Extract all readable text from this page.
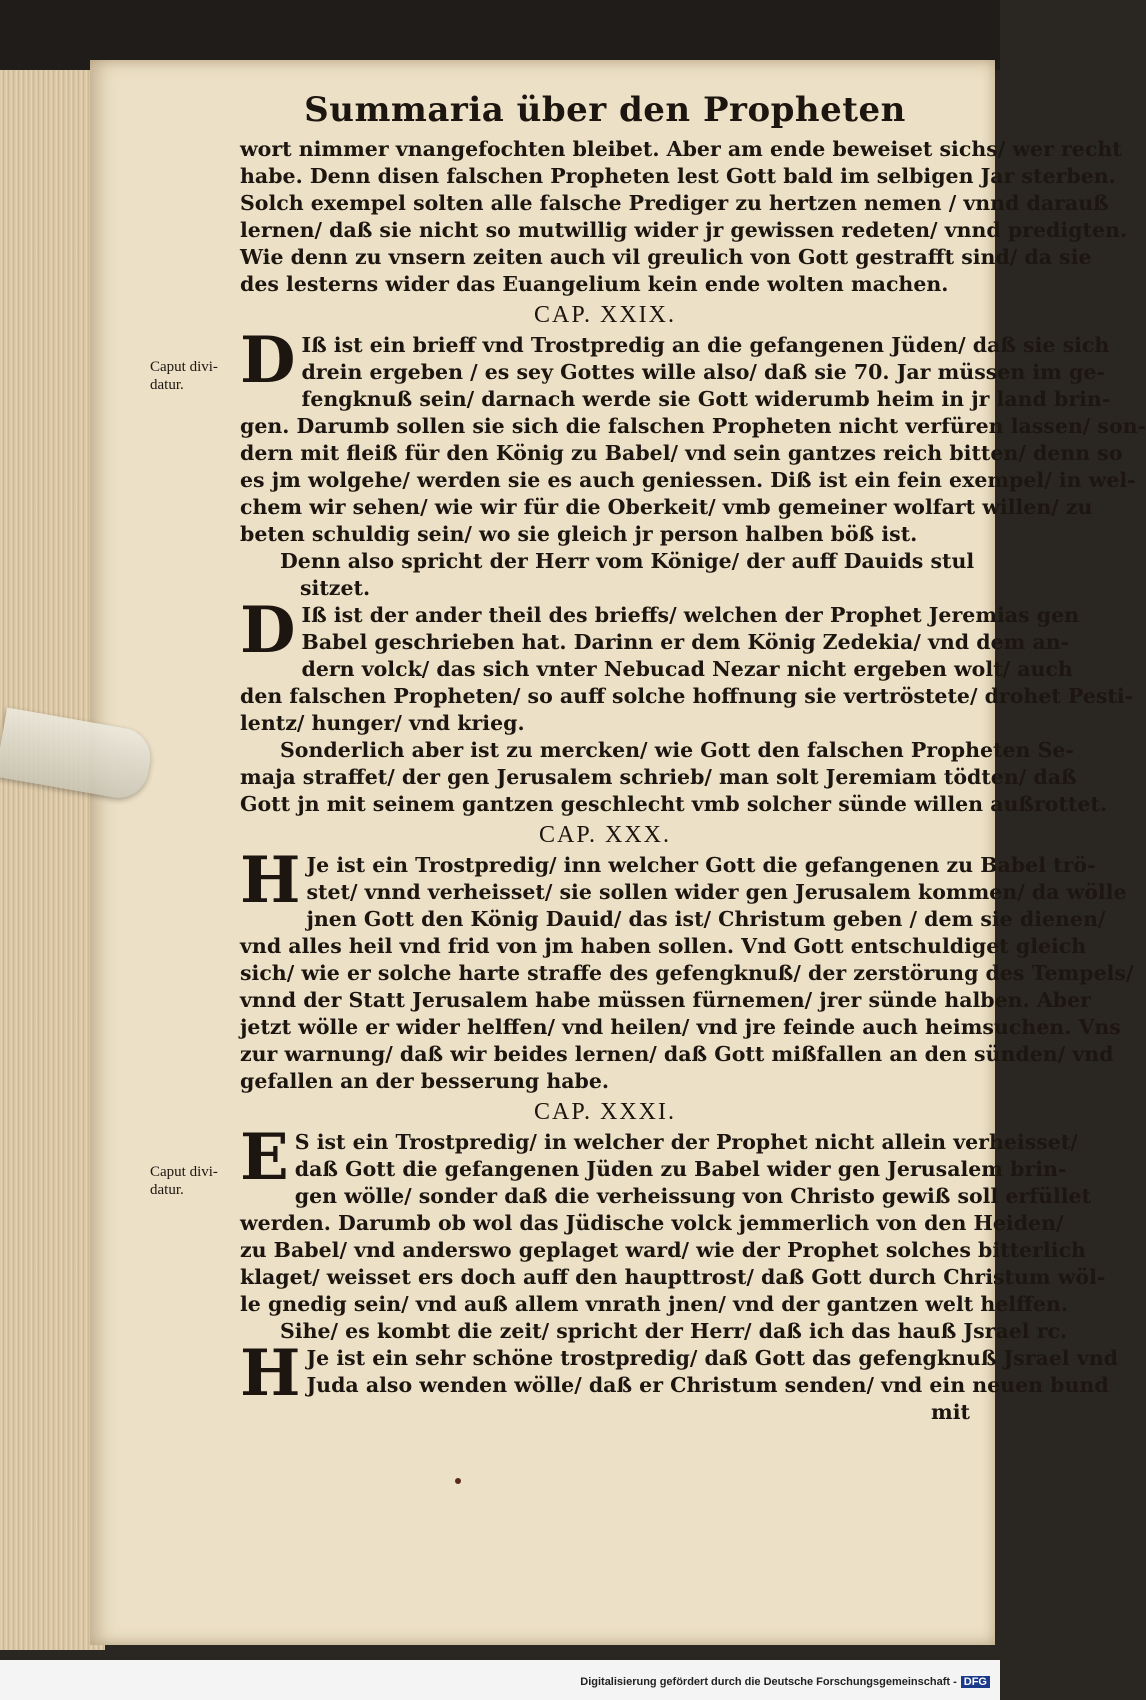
Summaria über den Propheten
wort nimmer vnangefochten bleibet. Aber am ende beweiset sichs/ wer recht
habe. Denn disen falschen Propheten lest Gott bald im selbigen Jar sterben.
Solch exempel solten alle falsche Prediger zu hertzen nemen / vnnd darauß
lernen/ daß sie nicht so mutwillig wider jr gewissen redeten/ vnnd predigten.
Wie denn zu vnsern zeiten auch vil greulich von Gott gestrafft sind/ da sie
des lesterns wider das Euangelium kein ende wolten machen.
CAP. XXIX.
D Iß ist ein brieff vnd Trostpredig an die gefangenen Jüden/ daß sie sich
drein ergeben / es sey Gottes wille also/ daß sie 70. Jar müssen im ge-
fengknuß sein/ darnach werde sie Gott widerumb heim in jr land brin-
gen. Darumb sollen sie sich die falschen Propheten nicht verfüren lassen/ son-
dern mit fleiß für den König zu Babel/ vnd sein gantzes reich bitten/ denn so
es jm wolgehe/ werden sie es auch geniessen. Diß ist ein fein exempel/ in wel-
chem wir sehen/ wie wir für die Oberkeit/ vmb gemeiner wolfart willen/ zu
beten schuldig sein/ wo sie gleich jr person halben böß ist.
Denn also spricht der Herr vom Könige/ der auff Dauids stul
sitzet.
D Iß ist der ander theil des brieffs/ welchen der Prophet Jeremias gen
Babel geschrieben hat. Darinn er dem König Zedekia/ vnd dem an-
dern volck/ das sich vnter Nebucad Nezar nicht ergeben wolt/ auch
den falschen Propheten/ so auff solche hoffnung sie vertröstete/ drohet Pesti-
lentz/ hunger/ vnd krieg.
Sonderlich aber ist zu mercken/ wie Gott den falschen Propheten Se-
maja straffet/ der gen Jerusalem schrieb/ man solt Jeremiam tödten/ daß
Gott jn mit seinem gantzen geschlecht vmb solcher sünde willen außrottet.
CAP. XXX.
H Je ist ein Trostpredig/ inn welcher Gott die gefangenen zu Babel trö-
stet/ vnnd verheisset/ sie sollen wider gen Jerusalem kommen/ da wölle
jnen Gott den König Dauid/ das ist/ Christum geben / dem sie dienen/
vnd alles heil vnd frid von jm haben sollen. Vnd Gott entschuldiget gleich
sich/ wie er solche harte straffe des gefengknuß/ der zerstörung des Tempels/
vnnd der Statt Jerusalem habe müssen fürnemen/ jrer sünde halben. Aber
jetzt wölle er wider helffen/ vnd heilen/ vnd jre feinde auch heimsuchen. Vns
zur warnung/ daß wir beides lernen/ daß Gott mißfallen an den sünden/ vnd
gefallen an der besserung habe.
CAP. XXXI.
E S ist ein Trostpredig/ in welcher der Prophet nicht allein verheisset/
daß Gott die gefangenen Jüden zu Babel wider gen Jerusalem brin-
gen wölle/ sonder daß die verheissung von Christo gewiß soll erfüllet
werden. Darumb ob wol das Jüdische volck jemmerlich von den Heiden/
zu Babel/ vnd anderswo geplaget ward/ wie der Prophet solches bitterlich
klaget/ weisset ers doch auff den haupttrost/ daß Gott durch Christum wöl-
le gnedig sein/ vnd auß allem vnrath jnen/ vnd der gantzen welt helffen.
Sihe/ es kombt die zeit/ spricht der Herr/ daß ich das hauß Jsrael rc.
H Je ist ein sehr schöne trostpredig/ daß Gott das gefengknuß Jsrael vnd
Juda also wenden wölle/ daß er Christum senden/ vnd ein neuen bund
mit
Caput divi-
datur.
Caput divi-
datur.
Digitalisierung gefördert durch die Deutsche Forschungsgemeinschaft - DFG
